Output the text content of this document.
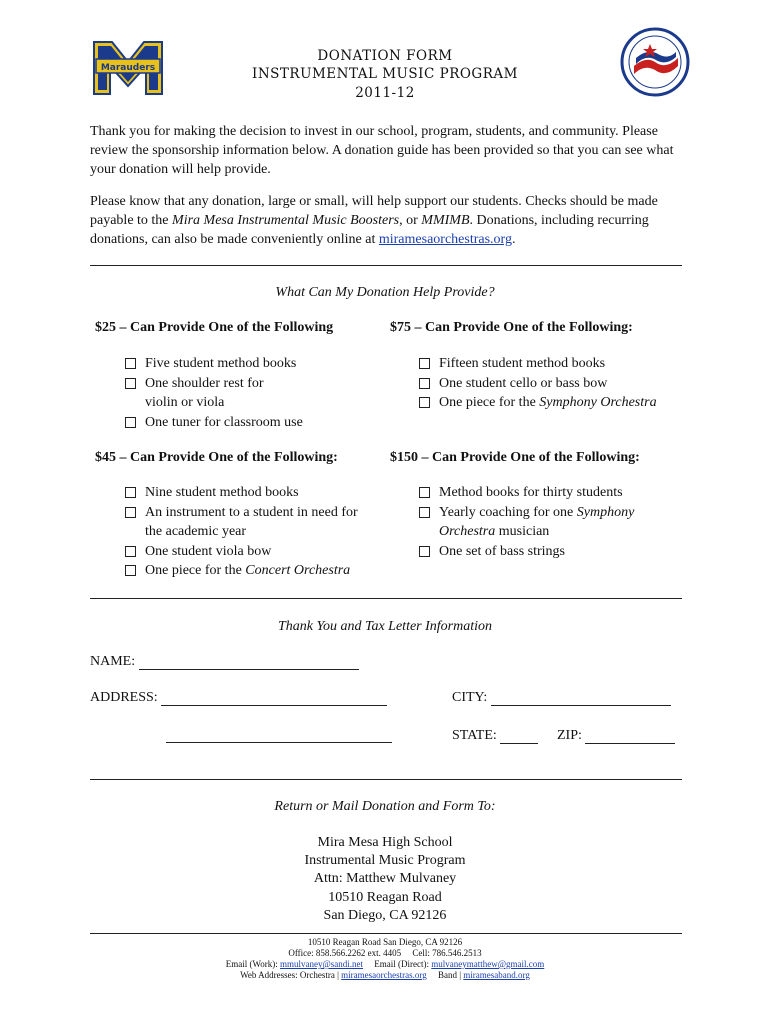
Marauders
DONATION FORM
INSTRUMENTAL MUSIC PROGRAM
2011-12
Thank you for making the decision to invest in our school, program, students, and community. Please review the sponsorship information below. A donation guide has been provided so that you can see what your donation will help provide.
Please know that any donation, large or small, will help support our students. Checks should be made payable to the Mira Mesa Instrumental Music Boosters, or MMIMB. Donations, including recurring donations, can also be made conveniently online at miramesaorchestras.org.
What Can My Donation Help Provide?
$25 – Can Provide One of the Following	$75 – Can Provide One of the Following:
Five student method books
One shoulder rest for
violin or viola
One tuner for classroom use
Fifteen student method books
One student cello or bass bow
One piece for the Symphony Orchestra
$45 – Can Provide One of the Following:	$150 – Can Provide One of the Following:
Nine student method books
An instrument to a student in need for
the academic year
One student viola bow
One piece for the Concert Orchestra
Method books for thirty students
Yearly coaching for one Symphony
Orchestra musician
One set of bass strings
Thank You and Tax Letter Information
NAME:
ADDRESS:	CITY:
STATE:	ZIP:
Return or Mail Donation and Form To:
Mira Mesa High School
Instrumental Music Program
Attn: Matthew Mulvaney
10510 Reagan Road
San Diego, CA 92126
10510 Reagan Road San Diego, CA 92126
Office: 858.566.2262 ext. 4405     Cell: 786.546.2513
Email (Work): mmulvaney@sandi.net     Email (Direct): mulvaneymatthew@gmail.com
Web Addresses: Orchestra | miramesaorchestras.org     Band | miramesaband.org
